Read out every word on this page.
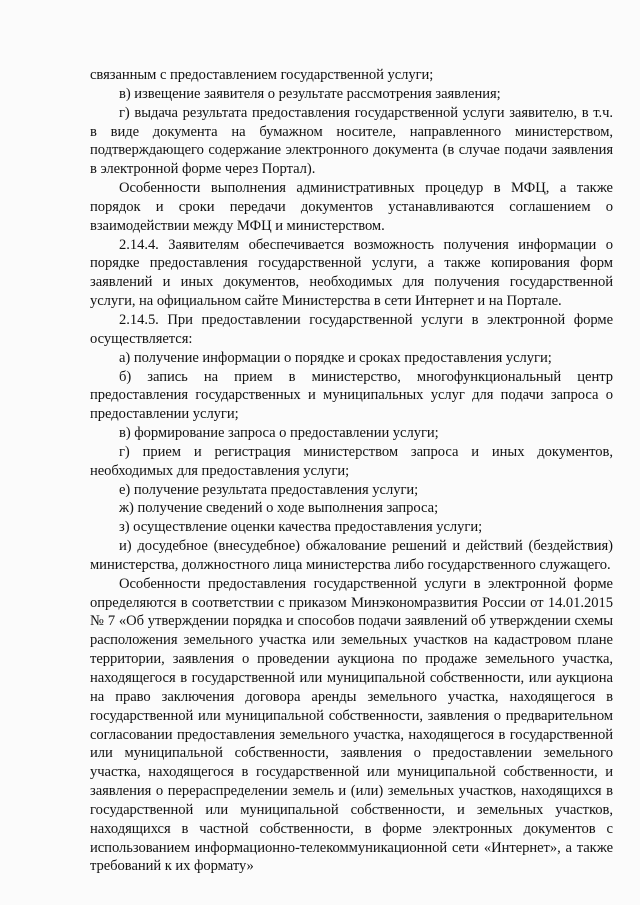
связанным с предоставлением государственной услуги;

в) извещение заявителя о результате рассмотрения заявления;

г) выдача результата предоставления государственной услуги заявителю, в т.ч. в виде документа на бумажном носителе, направленного министерством, подтверждающего содержание электронного документа (в случае подачи заявления в электронной форме через Портал).

Особенности выполнения административных процедур в МФЦ, а также порядок и сроки передачи документов устанавливаются соглашением о взаимодействии между МФЦ и министерством.

2.14.4. Заявителям обеспечивается возможность получения информации о порядке предоставления государственной услуги, а также копирования форм заявлений и иных документов, необходимых для получения государственной услуги, на официальном сайте Министерства в сети Интернет и на Портале.

2.14.5. При предоставлении государственной услуги в электронной форме осуществляется:

а) получение информации о порядке и сроках предоставления услуги;

б) запись на прием в министерство, многофункциональный центр предоставления государственных и муниципальных услуг для подачи запроса о предоставлении услуги;

в) формирование запроса о предоставлении услуги;

г) прием и регистрация министерством запроса и иных документов, необходимых для предоставления услуги;

е) получение результата предоставления услуги;

ж) получение сведений о ходе выполнения запроса;

з) осуществление оценки качества предоставления услуги;

и) досудебное (внесудебное) обжалование решений и действий (бездействия) министерства, должностного лица министерства либо государственного служащего.

Особенности предоставления государственной услуги в электронной форме определяются в соответствии с приказом Минэкономразвития России от 14.01.2015 № 7 «Об утверждении порядка и способов подачи заявлений об утверждении схемы расположения земельного участка или земельных участков на кадастровом плане территории, заявления о проведении аукциона по продаже земельного участка, находящегося в государственной или муниципальной собственности, или аукциона на право заключения договора аренды земельного участка, находящегося в государственной или муниципальной собственности, заявления о предварительном согласовании предоставления земельного участка, находящегося в государственной или муниципальной собственности, заявления о предоставлении земельного участка, находящегося в государственной или муниципальной собственности, и заявления о перераспределении земель и (или) земельных участков, находящихся в государственной или муниципальной собственности, и земельных участков, находящихся в частной собственности, в форме электронных документов с использованием информационно-телекоммуникационной сети «Интернет», а также требований к их формату»
